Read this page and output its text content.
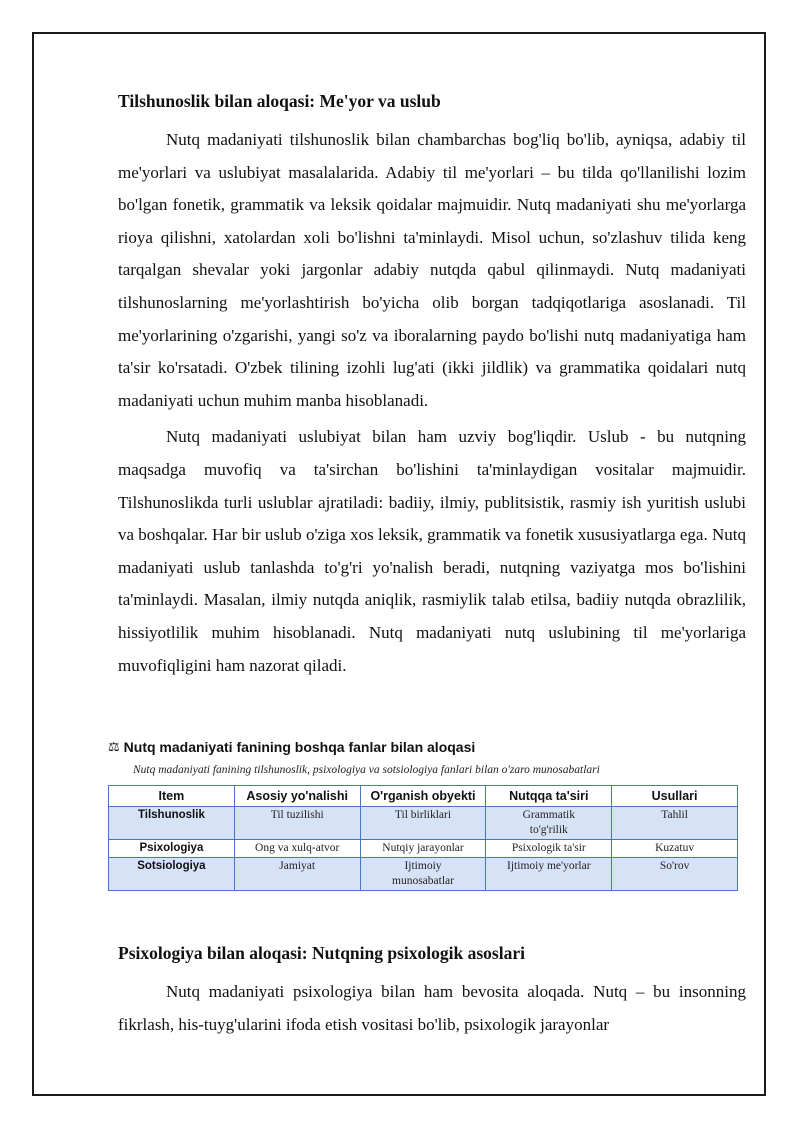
Tilshunoslik bilan aloqasi: Me'yor va uslub

Nutq madaniyati tilshunoslik bilan chambarchas bog'liq bo'lib, ayniqsa, adabiy til me'yorlari va uslubiyat masalalarida. Adabiy til me'yorlari – bu tilda qo'llanilishi lozim bo'lgan fonetik, grammatik va leksik qoidalar majmuidir. Nutq madaniyati shu me'yorlarga rioya qilishni, xatolardan xoli bo'lishni ta'minlaydi. Misol uchun, so'zlashuv tilida keng tarqalgan shevalar yoki jargonlar adabiy nutqda qabul qilinmaydi. Nutq madaniyati tilshunoslarning me'yorlashtirish bo'yicha olib borgan tadqiqotlariga asoslanadi. Til me'yorlarining o'zgarishi, yangi so'z va iboralarning paydo bo'lishi nutq madaniyatiga ham ta'sir ko'rsatadi. O'zbek tilining izohli lug'ati (ikki jildlik) va grammatika qoidalari nutq madaniyati uchun muhim manba hisoblanadi.

Nutq madaniyati uslubiyat bilan ham uzviy bog'liqdir. Uslub - bu nutqning maqsadga muvofiq va ta'sirchan bo'lishini ta'minlaydigan vositalar majmuidir. Tilshunoslikda turli uslublar ajratiladi: badiiy, ilmiy, publitsistik, rasmiy ish yuritish uslubi va boshqalar. Har bir uslub o'ziga xos leksik, grammatik va fonetik xususiyatlarga ega. Nutq madaniyati uslub tanlashda to'g'ri yo'nalish beradi, nutqning vaziyatga mos bo'lishini ta'minlaydi. Masalan, ilmiy nutqda aniqlik, rasmiylik talab etilsa, badiiy nutqda obrazlilik, hissiyotlilik muhim hisoblanadi. Nutq madaniyati nutq uslubining til me'yorlariga muvofiqligini ham nazorat qiladi.

⚖ Nutq madaniyati fanining boshqa fanlar bilan aloqasi
Nutq madaniyati fanining tilshunoslik, psixologiya va sotsiologiya fanlari bilan o'zaro munosabatlari
Item	Asosiy yo'nalishi	O'rganish obyekti	Nutqqa ta'siri	Usullari
Tilshunoslik	Til tuzilishi	Til birliklari	Grammatik to'g'rilik	Tahlil
Psixologiya	Ong va xulq-atvor	Nutqiy jarayonlar	Psixologik ta'sir	Kuzatuv
Sotsiologiya	Jamiyat	Ijtimoiy munosabatlar	Ijtimoiy me'yorlar	So'rov
Psixologiya bilan aloqasi: Nutqning psixologik asoslari

Nutq madaniyati psixologiya bilan ham bevosita aloqada. Nutq – bu insonning fikrlash, his-tuyg'ularini ifoda etish vositasi bo'lib, psixologik jarayonlar
